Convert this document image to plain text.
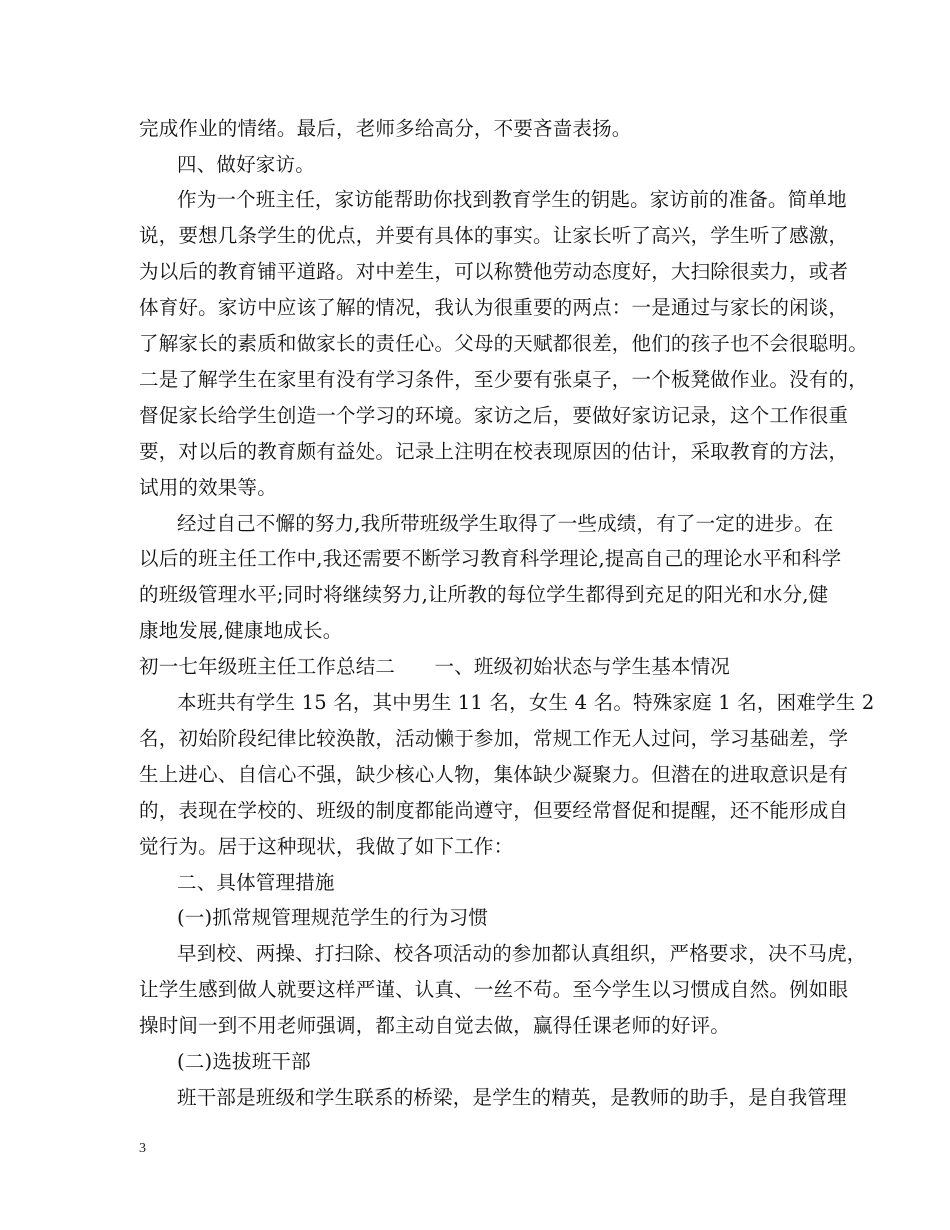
完成作业的情绪。最后，老师多给高分，不要吝啬表扬。
四、做好家访。
作为一个班主任，家访能帮助你找到教育学生的钥匙。家访前的准备。简单地
说，要想几条学生的优点，并要有具体的事实。让家长听了高兴，学生听了感激，
为以后的教育铺平道路。对中差生，可以称赞他劳动态度好，大扫除很卖力，或者
体育好。家访中应该了解的情况，我认为很重要的两点：一是通过与家长的闲谈，
了解家长的素质和做家长的责任心。父母的天赋都很差，他们的孩子也不会很聪明。
二是了解学生在家里有没有学习条件，至少要有张桌子，一个板凳做作业。没有的，
督促家长给学生创造一个学习的环境。家访之后，要做好家访记录，这个工作很重
要，对以后的教育颇有益处。记录上注明在校表现原因的估计，采取教育的方法，
试用的效果等。
经过自己不懈的努力,我所带班级学生取得了一些成绩，有了一定的进步。在
以后的班主任工作中,我还需要不断学习教育科学理论,提高自己的理论水平和科学
的班级管理水平;同时将继续努力,让所教的每位学生都得到充足的阳光和水分,健
康地发展,健康地成长。
初一七年级班主任工作总结二　　一、班级初始状态与学生基本情况
本班共有学生 15 名，其中男生 11 名，女生 4 名。特殊家庭 1 名，困难学生 2
名，初始阶段纪律比较涣散，活动懒于参加，常规工作无人过问，学习基础差，学
生上进心、自信心不强，缺少核心人物，集体缺少凝聚力。但潜在的进取意识是有
的，表现在学校的、班级的制度都能尚遵守，但要经常督促和提醒，还不能形成自
觉行为。居于这种现状，我做了如下工作：
二、具体管理措施
(一)抓常规管理规范学生的行为习惯
早到校、两操、打扫除、校各项活动的参加都认真组织，严格要求，决不马虎，
让学生感到做人就要这样严谨、认真、一丝不苟。至今学生以习惯成自然。例如眼
操时间一到不用老师强调，都主动自觉去做，赢得任课老师的好评。
(二)选拔班干部
班干部是班级和学生联系的桥梁，是学生的精英，是教师的助手，是自我管理
3
